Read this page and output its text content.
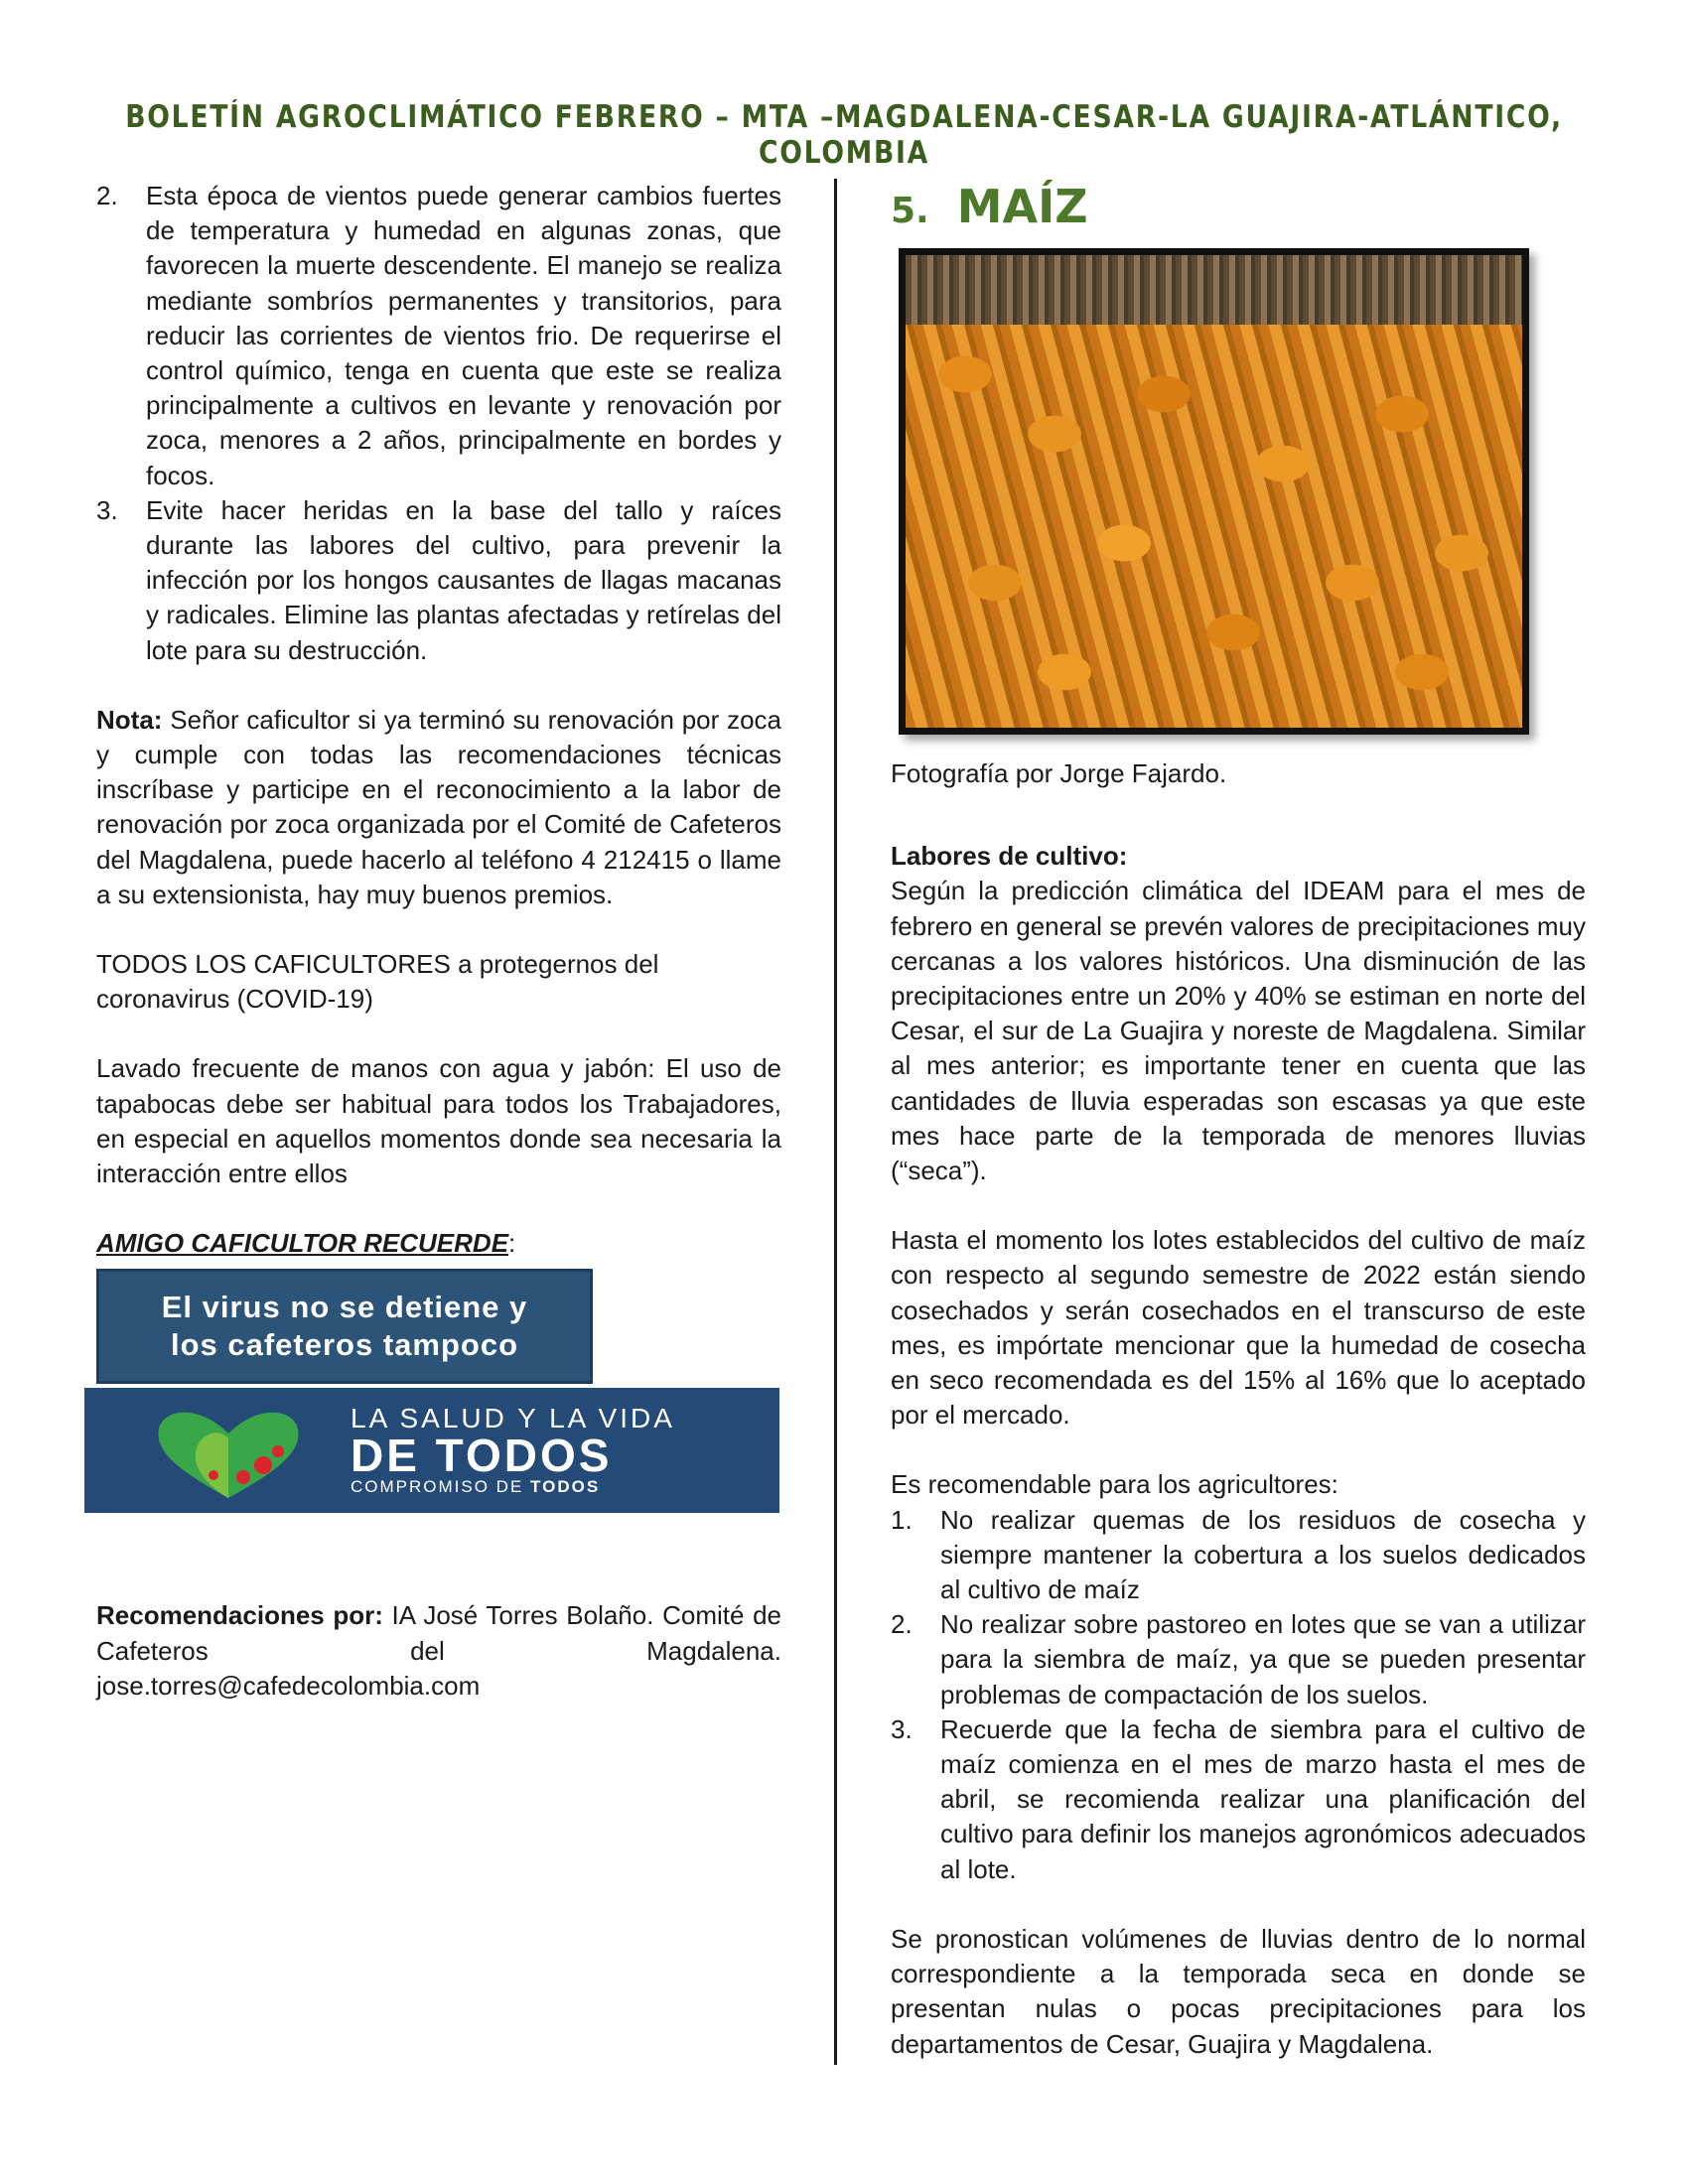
BOLETÍN AGROCLIMÁTICO FEBRERO – MTA –MAGDALENA-CESAR-LA GUAJIRA-ATLÁNTICO, COLOMBIA
2.	Esta época de vientos puede generar cambios fuertes de temperatura y humedad en algunas zonas, que favorecen la muerte descendente. El manejo se realiza mediante sombríos permanentes y transitorios, para reducir las corrientes de vientos frio. De requerirse el control químico, tenga en cuenta que este se realiza principalmente a cultivos en levante y renovación por zoca, menores a 2 años, principalmente en bordes y focos.
3.	Evite hacer heridas en la base del tallo y raíces durante las labores del cultivo, para prevenir la infección por los hongos causantes de llagas macanas y radicales. Elimine las plantas afectadas y retírelas del lote para su destrucción.

Nota: Señor caficultor si ya terminó su renovación por zoca y cumple con todas las recomendaciones técnicas inscríbase y participe en el reconocimiento a la labor de renovación por zoca organizada por el Comité de Cafeteros del Magdalena, puede hacerlo al teléfono 4 212415 o llame a su extensionista, hay muy buenos premios.

TODOS LOS CAFICULTORES a protegernos del coronavirus (COVID-19)

Lavado frecuente de manos con agua y jabón: El uso de tapabocas debe ser habitual para todos los Trabajadores, en especial en aquellos momentos donde sea necesaria la interacción entre ellos

AMIGO CAFICULTOR RECUERDE:

El virus no se detiene y
los cafeteros tampoco
LA SALUD Y LA VIDA
DE TODOS
COMPROMISO DE TODOS

Recomendaciones por: IA José Torres Bolaño. Comité de Cafeteros del Magdalena. jose.torres@cafedecolombia.com

5. MAÍZ

Fotografía por Jorge Fajardo.

Labores de cultivo:

Según la predicción climática del IDEAM para el mes de febrero en general se prevén valores de precipitaciones muy cercanas a los valores históricos. Una disminución de las precipitaciones entre un 20% y 40% se estiman en norte del Cesar, el sur de La Guajira y noreste de Magdalena. Similar al mes anterior; es importante tener en cuenta que las cantidades de lluvia esperadas son escasas ya que este mes hace parte de la temporada de menores lluvias (“seca”).

Hasta el momento los lotes establecidos del cultivo de maíz con respecto al segundo semestre de 2022 están siendo cosechados y serán cosechados en el transcurso de este mes, es impórtate mencionar que la humedad de cosecha en seco recomendada es del 15% al 16% que lo aceptado por el mercado.

Es recomendable para los agricultores:

1.	No realizar quemas de los residuos de cosecha y siempre mantener la cobertura a los suelos dedicados al cultivo de maíz
2.	No realizar sobre pastoreo en lotes que se van a utilizar para la siembra de maíz, ya que se pueden presentar problemas de compactación de los suelos.
3.	Recuerde que la fecha de siembra para el cultivo de maíz comienza en el mes de marzo hasta el mes de abril, se recomienda realizar una planificación del cultivo para definir los manejos agronómicos adecuados al lote.

Se pronostican volúmenes de lluvias dentro de lo normal correspondiente a la temporada seca en donde se presentan nulas o pocas precipitaciones para los departamentos de Cesar, Guajira y Magdalena.
